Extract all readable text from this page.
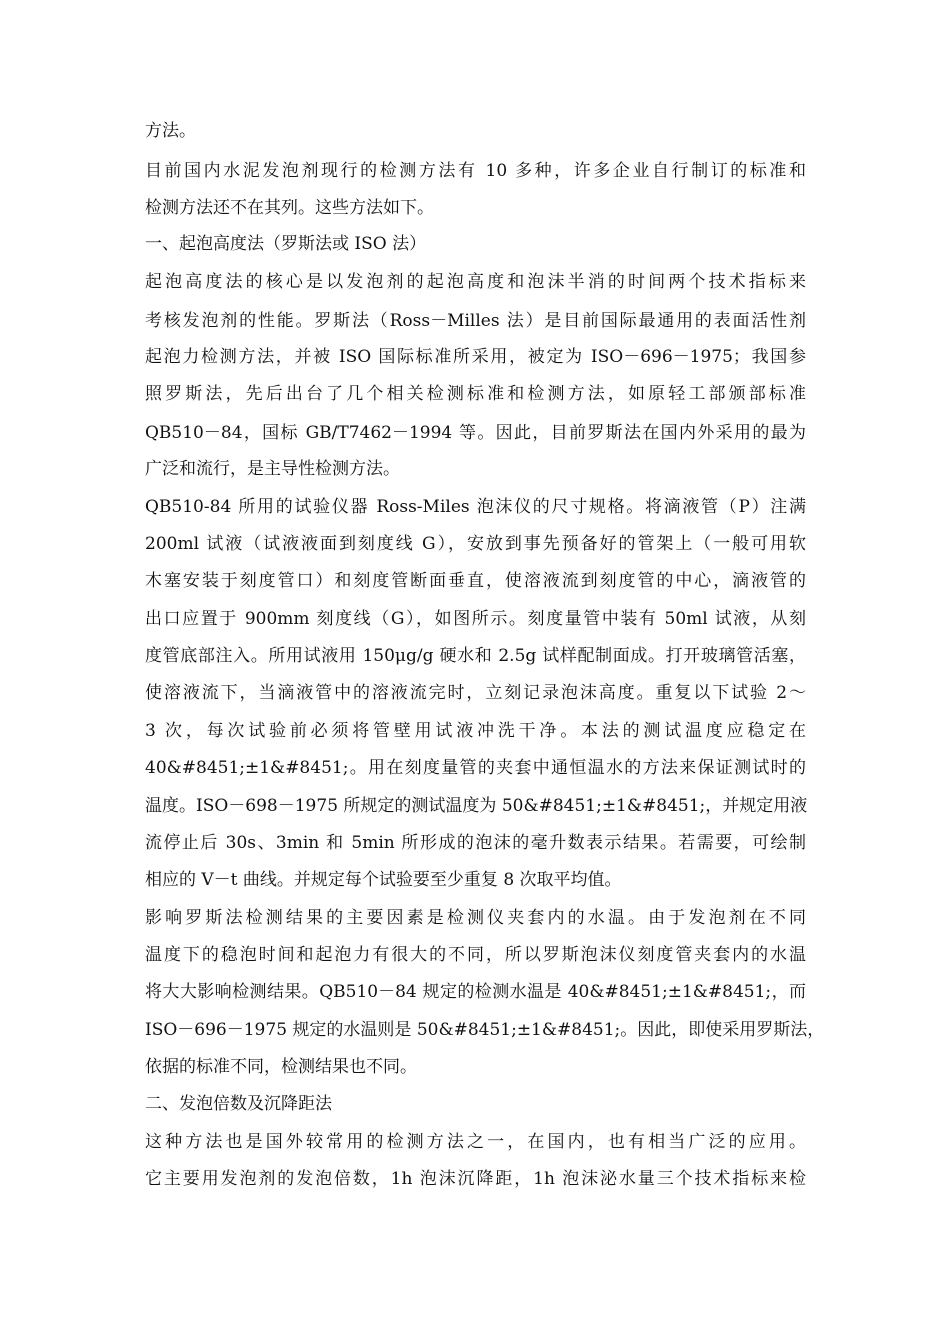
方法。
目前国内水泥发泡剂现行的检测方法有 10 多种，许多企业自行制订的标准和
检测方法还不在其列。这些方法如下。
一、起泡高度法（罗斯法或 ISO 法）
起泡高度法的核心是以发泡剂的起泡高度和泡沫半消的时间两个技术指标来
考核发泡剂的性能。罗斯法（Ross－Milles 法）是目前国际最通用的表面活性剂
起泡力检测方法，并被 ISO 国际标准所采用，被定为 ISO－696－1975；我国参
照罗斯法，先后出台了几个相关检测标准和检测方法，如原轻工部颁部标准
QB510－84，国标 GB/T7462－1994 等。因此，目前罗斯法在国内外采用的最为
广泛和流行，是主导性检测方法。
QB510-84 所用的试验仪器 Ross-Miles 泡沫仪的尺寸规格。将滴液管（P）注满
200ml 试液（试液液面到刻度线 G），安放到事先预备好的管架上（一般可用软
木塞安装于刻度管口）和刻度管断面垂直，使溶液流到刻度管的中心，滴液管的
出口应置于 900mm 刻度线（G），如图所示。刻度量管中装有 50ml 试液，从刻
度管底部注入。所用试液用 150μg/g 硬水和 2.5g 试样配制面成。打开玻璃管活塞，
使溶液流下，当滴液管中的溶液流完时，立刻记录泡沫高度。重复以下试验 2～
3 次，每次试验前必须将管壁用试液冲洗干净。本法的测试温度应稳定在
40&#8451;±1&#8451;。用在刻度量管的夹套中通恒温水的方法来保证测试时的
温度。ISO－698－1975 所规定的测试温度为 50&#8451;±1&#8451;，并规定用液
流停止后 30s、3min 和 5min 所形成的泡沫的毫升数表示结果。若需要，可绘制
相应的 V－t 曲线。并规定每个试验要至少重复 8 次取平均值。
影响罗斯法检测结果的主要因素是检测仪夹套内的水温。由于发泡剂在不同
温度下的稳泡时间和起泡力有很大的不同，所以罗斯泡沫仪刻度管夹套内的水温
将大大影响检测结果。QB510－84 规定的检测水温是 40&#8451;±1&#8451;，而
ISO－696－1975 规定的水温则是 50&#8451;±1&#8451;。因此，即使采用罗斯法，
依据的标准不同，检测结果也不同。
二、发泡倍数及沉降距法
这种方法也是国外较常用的检测方法之一，在国内，也有相当广泛的应用。
它主要用发泡剂的发泡倍数，1h 泡沫沉降距，1h 泡沫泌水量三个技术指标来检
